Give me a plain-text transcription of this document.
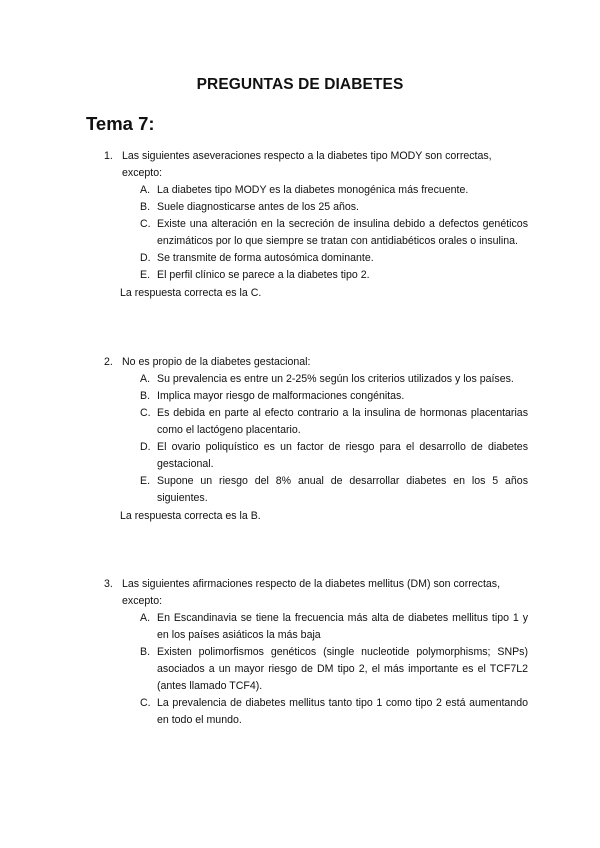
PREGUNTAS DE DIABETES
Tema 7:
1. Las siguientes aseveraciones respecto a la diabetes tipo MODY son correctas, excepto:
A. La diabetes tipo MODY es la diabetes monogénica más frecuente.
B. Suele diagnosticarse antes de los 25 años.
C. Existe una alteración en la secreción de insulina debido a defectos genéticos enzimáticos por lo que siempre se tratan con antidiabéticos orales o insulina.
D. Se transmite de forma autosómica dominante.
E. El perfil clínico se parece a la diabetes tipo 2.
La respuesta correcta es la C.
2. No es propio de la diabetes gestacional:
A. Su prevalencia es entre un 2-25% según los criterios utilizados y los países.
B. Implica mayor riesgo de malformaciones congénitas.
C. Es debida en parte al efecto contrario a la insulina de hormonas placentarias como el lactógeno placentario.
D. El ovario poliquístico es un factor de riesgo para el desarrollo de diabetes gestacional.
E. Supone un riesgo del 8% anual de desarrollar diabetes en los 5 años siguientes.
La respuesta correcta es la B.
3. Las siguientes afirmaciones respecto de la diabetes mellitus (DM) son correctas, excepto:
A. En Escandinavia se tiene la frecuencia más alta de diabetes mellitus tipo 1 y en los países asiáticos la más baja
B. Existen polimorfismos genéticos (single nucleotide polymorphisms; SNPs) asociados a un mayor riesgo de DM tipo 2, el más importante es el TCF7L2 (antes llamado TCF4).
C. La prevalencia de diabetes mellitus tanto tipo 1 como tipo 2 está aumentando en todo el mundo.
